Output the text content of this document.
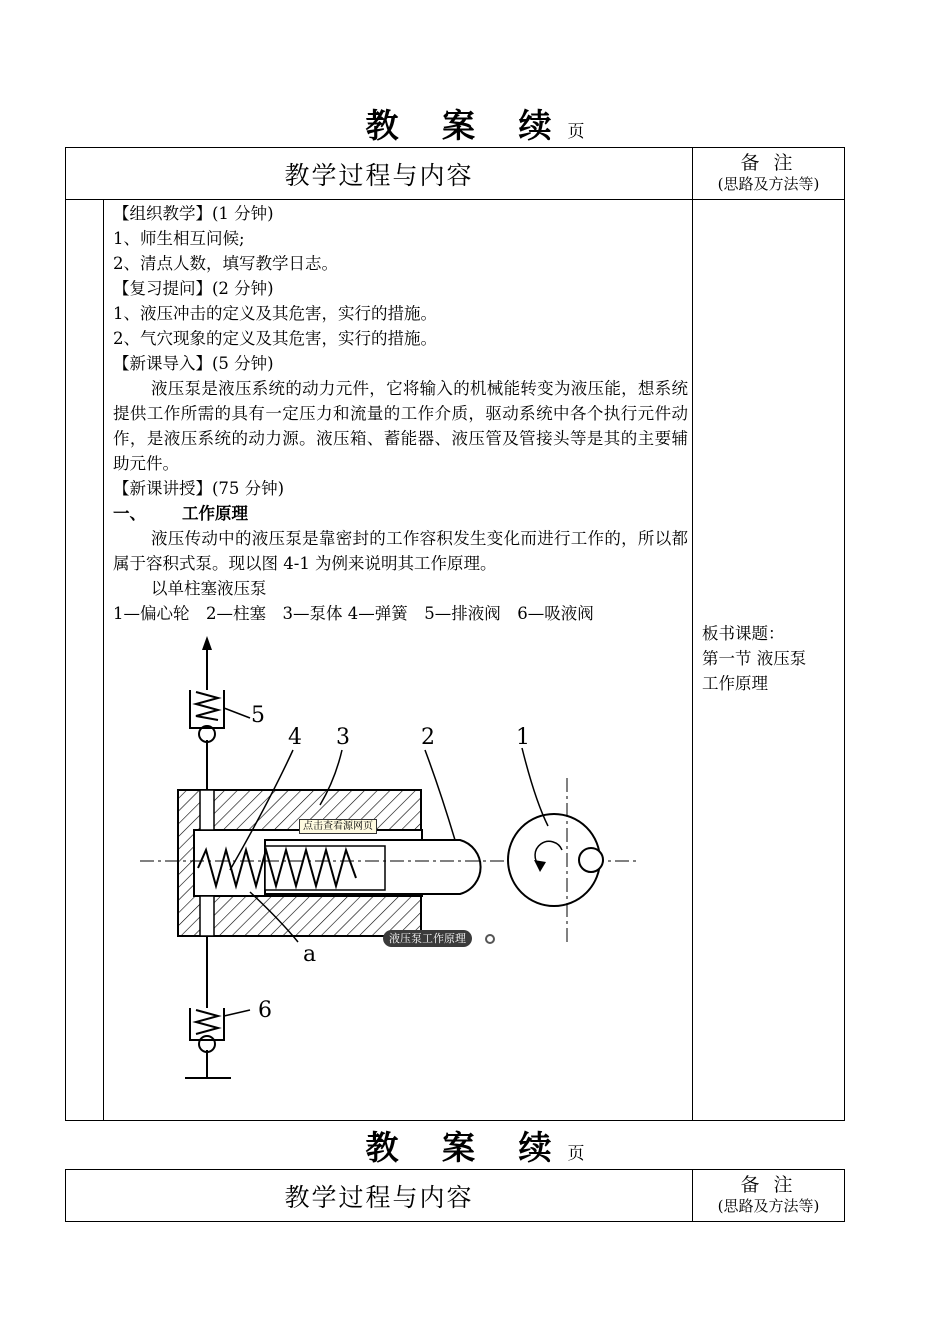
教 案 续页
教学过程与内容	备 注
(思路及方法等)

【组织教学】(1 分钟)

1、师生相互问候;

2、清点人数，填写教学日志。

【复习提问】(2 分钟)

1、液压冲击的定义及其危害，实行的措施。

2、气穴现象的定义及其危害，实行的措施。

【新课导入】(5 分钟)

液压泵是液压系统的动力元件，它将输入的机械能转变为液压能，想系统提供工作所需的具有一定压力和流量的工作介质，驱动系统中各个执行元件动作，是液压系统的动力源。液压箱、蓄能器、液压管及管接头等是其的主要辅助元件。

【新课讲授】(75 分钟)

一、 工作原理

液压传动中的液压泵是靠密封的工作容积发生变化而进行工作的，所以都属于容积式泵。现以图 4-1 为例来说明其工作原理。

以单柱塞液压泵

1—偏心轮　2—柱塞　3—泵体 4—弹簧　5—排液阀　6—吸液阀

板书课题：

第一节 液压泵

工作原理

1
2
3
4
5
6
a
点击查看源网页
液压泵工作原理
教 案 续页
教学过程与内容	备 注
(思路及方法等)
